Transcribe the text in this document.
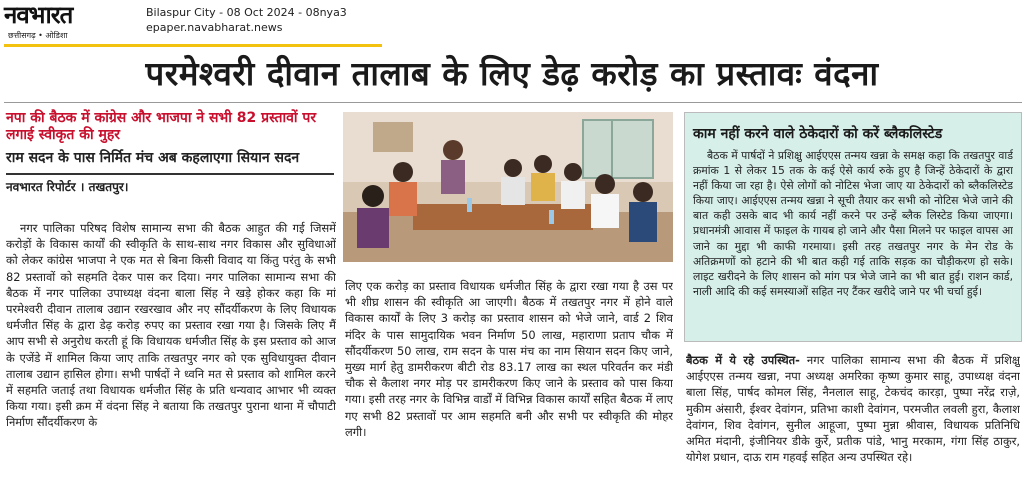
नवभारत
छत्तीसगढ़ • ओडिशा
Bilaspur City - 08 Oct 2024 - 08nya3
epaper.navabharat.news
परमेश्वरी दीवान तालाब के लिए डेढ़ करोड़ का प्रस्तावः वंदना
नपा की बैठक में कांग्रेस और भाजपा ने सभी 82 प्रस्तावों पर लगाई स्वीकृत की मुहर
राम सदन के पास निर्मित मंच अब कहलाएगा सियान सदन
नवभारत रिपोर्टर । तखतपुर।
नगर पालिका परिषद विशेष सामान्य सभा की बैठक आहुत की गई जिसमें करोड़ों के विकास कार्यों की स्वीकृति के साथ-साथ नगर विकास और सुविधाओं को लेकर कांग्रेस भाजपा ने एक मत से बिना किसी विवाद या किंतु परंतु के सभी 82 प्रस्तावों को सहमति देकर पास कर दिया। नगर पालिका सामान्य सभा की बैठक में नगर पालिका उपाध्यक्ष वंदना बाला सिंह ने खड़े होकर कहा कि मां परमेश्वरी दीवान तालाब उद्यान रखरखाव और नए सौंदर्यीकरण के लिए विधायक धर्मजीत सिंह के द्वारा डेढ़ करोड़ रुपए का प्रस्ताव रखा गया है। जिसके लिए मैं आप सभी से अनुरोध करती हूं कि विधायक धर्मजीत सिंह के इस प्रस्ताव को आज के एजेंडे में शामिल किया जाए ताकि तखतपुर नगर को एक सुविधायुक्त दीवान तालाब उद्यान हासिल होगा। सभी पार्षदों ने ध्वनि मत से प्रस्ताव को शामिल करने में सहमति जताई तथा विधायक धर्मजीत सिंह के प्रति धन्यवाद आभार भी व्यक्त किया गया। इसी क्रम में वंदना सिंह ने बताया कि तखतपुर पुराना थाना में चौपाटी निर्माण सौंदर्यीकरण के
लिए एक करोड़ का प्रस्ताव विधायक धर्मजीत सिंह के द्वारा रखा गया है उस पर भी शीघ्र शासन की स्वीकृति आ जाएगी। बैठक में तखतपुर नगर में होने वाले विकास कार्यों के लिए 3 करोड़ का प्रस्ताव शासन को भेजे जाने, वार्ड 2 शिव मंदिर के पास सामुदायिक भवन निर्माण 50 लाख, महाराणा प्रताप चौक में सौंदर्यीकरण 50 लाख, राम सदन के पास मंच का नाम सियान सदन किए जाने, मुख्य मार्ग हेतु डामरीकरण बीटी रोड 83.17 लाख का स्थल परिवर्तन कर मंडी चौक से कैलाश नगर मोड़ पर डामरीकरण किए जाने के प्रस्ताव को पास किया गया। इसी तरह नगर के विभिन्न वार्डों में विभिन्न विकास कार्यों सहित बैठक में लाए गए सभी 82 प्रस्तावों पर आम सहमति बनी और सभी पर स्वीकृति की मोहर लगी।
काम नहीं करने वाले ठेकेदारों को करें ब्लैकलिस्टेड
बैठक में पार्षदों ने प्रशिक्षु आईएएस तन्मय खन्ना के समक्ष कहा कि तखतपुर वार्ड क्रमांक 1 से लेकर 15 तक के कई ऐसे कार्य रुके हुए है जिन्हें ठेकेदारों के द्वारा नहीं किया जा रहा है। ऐसे लोगों को नोटिस भेजा जाए या ठेकेदारों को ब्लैकलिस्टेड किया जाए। आईएएस तन्मय खन्ना ने सूची तैयार कर सभी को नोटिस भेजे जाने की बात कही उसके बाद भी कार्य नहीं करने पर उन्हें ब्लैक लिस्टेड किया जाएगा। प्रधानमंत्री आवास में फाइल के गायब हो जाने और पैसा मिलने पर फाइल वापस आ जाने का मुद्दा भी काफी गरमाया। इसी तरह तखतपुर नगर के मेन रोड के अतिक्रमणों को हटाने की भी बात कही गई ताकि सड़क का चौड़ीकरण हो सके। लाइट खरीदने के लिए शासन को मांग पत्र भेजे जाने का भी बात हुई। राशन कार्ड, नाली आदि की कई समस्याओं सहित नए टैंकर खरीदे जाने पर भी चर्चा हुई।
बैठक में ये रहे उपस्थित- नगर पालिका सामान्य सभा की बैठक में प्रशिक्षु आईएएस तन्मय खन्ना, नपा अध्यक्ष अमरिका कृष्ण कुमार साहू, उपाध्यक्ष वंदना बाला सिंह, पार्षद कोमल सिंह, नैनलाल साहू, टेकचंद कारड़ा, पुष्पा नरेंद्र राज़े, मुकीम अंसारी, ईश्वर देवांगन, प्रतिभा काशी देवांगन, परमजीत लवली हुरा, कैलाश देवांगन, शिव देवांगन, सुनील आहूजा, पुष्पा मुन्ना श्रीवास, विधायक प्रतिनिधि अमित मंदानी, इंजीनियर डीके कुर्रे, प्रतीक पांडे, भानु मरकाम, गंगा सिंह ठाकुर, योगेश प्रधान, दाऊ राम गहवई सहित अन्य उपस्थित रहे।
